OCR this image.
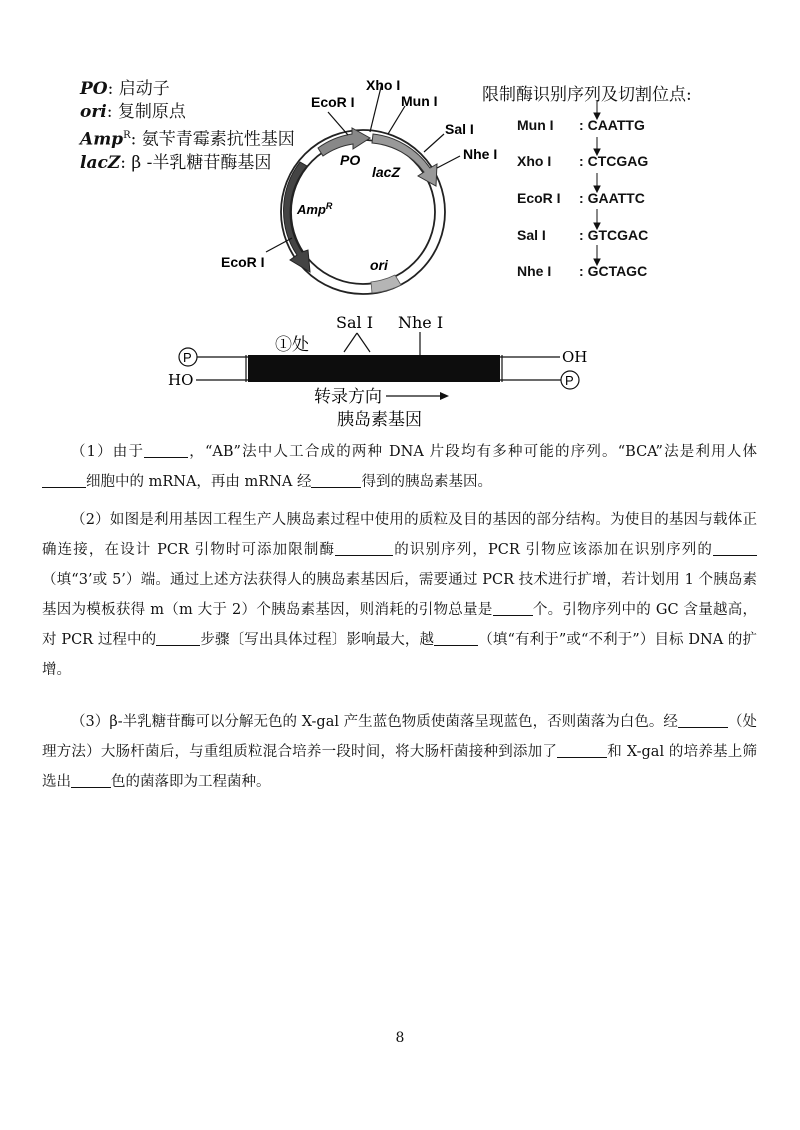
PO: 启动子
ori: 复制原点
Amp$^R$: 氨苄青霉素抗性基因
lacZ: β -半乳糖苷酶基因
EcoR I
Xho I
Mun I
Sal I
Nhe I
EcoR I
PO
lacZ
Amp$^R$
ori
Sal I Nhe I
①处
P
P
OH
HO
转录方向
胰岛素基因
限制酶识别序列及切割位点:
Mun I : CAATTG
Xho I : CTCGAG
EcoR I : GAATTC
Sal I : GTCGAC
Nhe I : GCTAGC

（1）由于	，“AB”法中人工合成的两种 DNA 片段均有多种可能的序列。“BCA”法是利用人体细胞中的 mRNA，再由 mRNA 经	得到的胰岛素基因。

（2）如图是利用基因工程生产人胰岛素过程中使用的质粒及目的基因的部分结构。为使目的基因与载体正确连接，在设计 PCR 引物时可添加限制酶	的识别序列，PCR 引物应该添加在识别序列的（填“3’或 5’）端。通过上述方法获得人的胰岛素基因后，需要通过 PCR 技术进行扩增，若计划用 1 个胰岛素基因为模板获得 m（m 大于 2）个胰岛素基因，则消耗的引物总量是	个。引物序列中的 GC 含量越高，对 PCR 过程中的	步骤〔写出具体过程〕影响最大，越	（填“有利于”或“不利于”）目标 DNA 的扩增。

（3）β-半乳糖苷酶可以分解无色的 X-gal 产生蓝色物质使菌落呈现蓝色，否则菌落为白色。经	（处理方法）大肠杆菌后，与重组质粒混合培养一段时间，将大肠杆菌接种到添加了	和 X-gal 的培养基上筛选出	色的菌落即为工程菌种。

8
